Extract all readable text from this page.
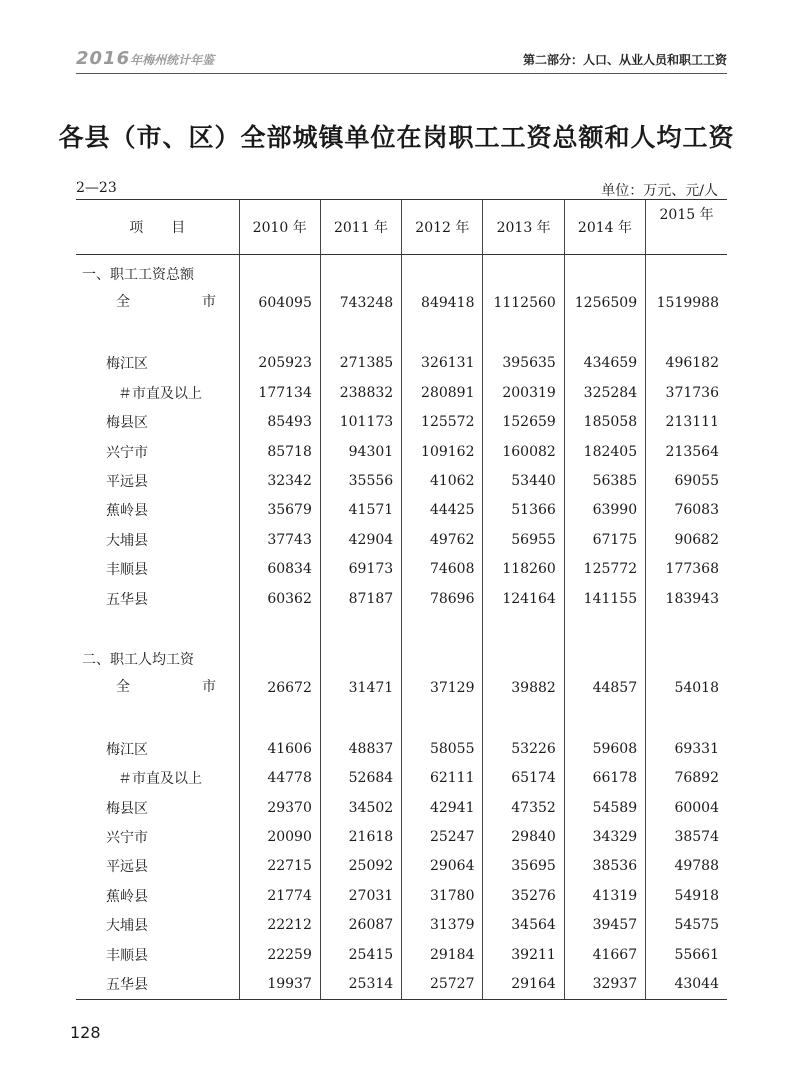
2016年梅州统计年鉴	第二部分：人口、从业人员和职工工资
各县（市、区）全部城镇单位在岗职工工资总额和人均工资
2—23	单位：万元、元/人
项　　目	2010 年	2011 年	2012 年	2013 年	2014 年	2015 年
一、职工工资总额						

全 市	604095	743248	849418	1112560	1256509	1519988

梅江区	205923	271385	326131	395635	434659	496182
＃市直及以上	177134	238832	280891	200319	325284	371736
梅县区	85493	101173	125572	152659	185058	213111
兴宁市	85718	94301	109162	160082	182405	213564
平远县	32342	35556	41062	53440	56385	69055
蕉岭县	35679	41571	44425	51366	63990	76083
大埔县	37743	42904	49762	56955	67175	90682
丰顺县	60834	69173	74608	118260	125772	177368
五华县	60362	87187	78696	124164	141155	183943

二、职工人均工资						

全 市	26672	31471	37129	39882	44857	54018

梅江区	41606	48837	58055	53226	59608	69331
＃市直及以上	44778	52684	62111	65174	66178	76892
梅县区	29370	34502	42941	47352	54589	60004
兴宁市	20090	21618	25247	29840	34329	38574
平远县	22715	25092	29064	35695	38536	49788
蕉岭县	21774	27031	31780	35276	41319	54918
大埔县	22212	26087	31379	34564	39457	54575
丰顺县	22259	25415	29184	39211	41667	55661
五华县	19937	25314	25727	29164	32937	43044
128
